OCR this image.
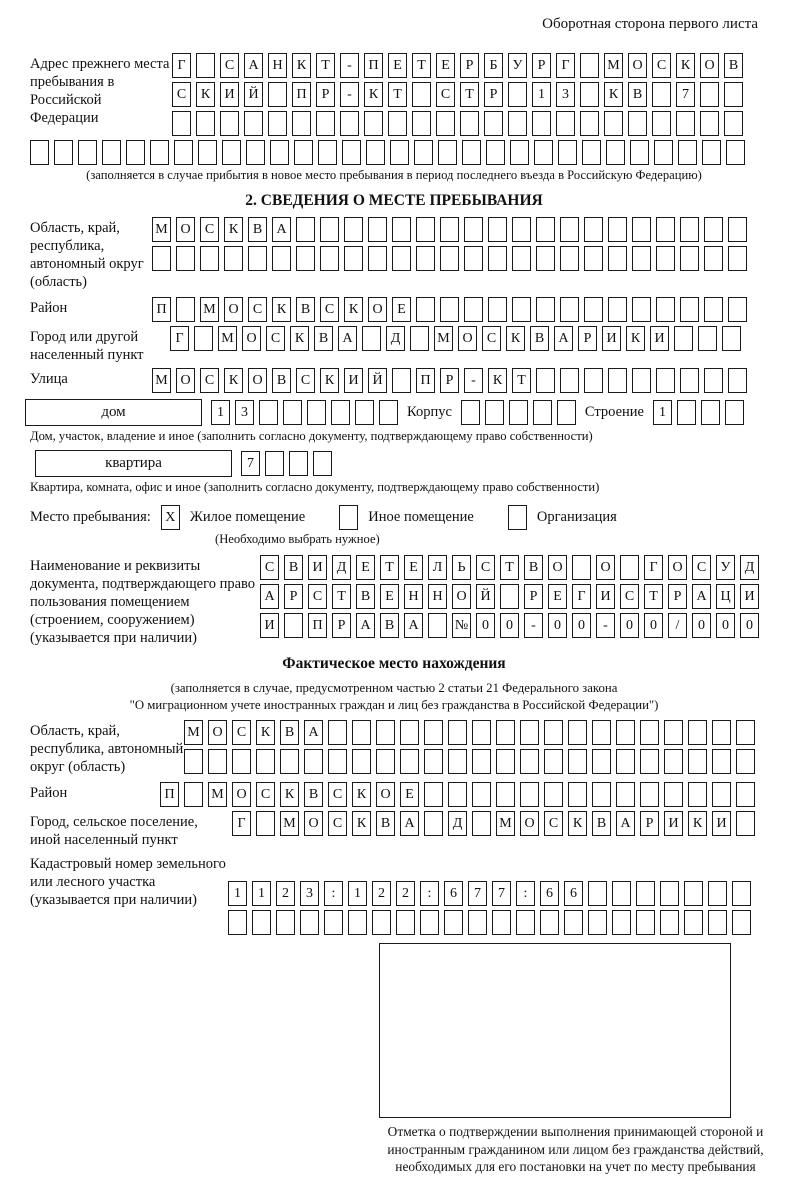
Оборотная сторона первого листа
Адрес прежнего места пребывания в Российской Федерации
Г	С	А Н	К	Т	-	П	Е	Т	Е	Р	Б	У	Р	Г	М О	С	К	О	В
С	К	И Й	П	Р	-	К	Т	С	Т	Р	1	3	К	В	7
(заполняется в случае прибытия в новое место пребывания в период последнего въезда в Российскую Федерацию)
2. СВЕДЕНИЯ О МЕСТЕ ПРЕБЫВАНИЯ
Область, край, республика, автономный округ (область)
М О	С	К	В	А
Район	П	М О	С	К	В	С	К	О	Е
Город или другой населенный пункт
Г	М О	С	К	В	А	Д	М О	С	К	В	А	Р	И	К	И
Улица	М О	С	К	О	В	С	К	И Й	П	Р	-	К	Т
дом	1	3	Корпус	Строение	1
Дом, участок, владение и иное (заполнить согласно документу, подтверждающему право собственности)
квартира	7
Квартира, комната, офис и иное (заполнить согласно документу, подтверждающему право собственности)
Место пребывания:	X Жилое помещение	Иное помещение	Организация
(Необходимо выбрать нужное)
Наименование и реквизиты документа, подтверждающего право пользования помещением (строением, сооружением) (указывается при наличии)
С	В	И	Д	Е	Т	Е	Л	Ь	С	Т	В	О	О	Г	О	С	У	Д
А	Р	С	Т	В	Е	Н Н О Й	Р	Е	Г	И	С	Т	Р	А Ц И
И	П	Р	А	В	А	№ 0	0	-	0	0	-	0	0	/	0	0	0
Фактическое место нахождения
(заполняется в случае, предусмотренном частью 2 статьи 21 Федерального закона
"О миграционном учете иностранных граждан и лиц без гражданства в Российской Федерации")
Область, край, республика, автономный округ (область)
М О	С	К	В	А
Район	П	М О	С	К	В	С	К	О	Е
Город, сельское поселение, иной населенный пункт
Г	М О	С	К	В	А	Д	М О	С	К	В	А	Р	И	К	И
Кадастровый номер земельного или лесного участка (указывается при наличии)	1	1	2	3	:	1	2	2	:	6	7	7	:	6	6
Отметка о подтверждении выполнения принимающей стороной и иностранным гражданином или лицом без гражданства действий, необходимых для его постановки на учет по месту пребывания
